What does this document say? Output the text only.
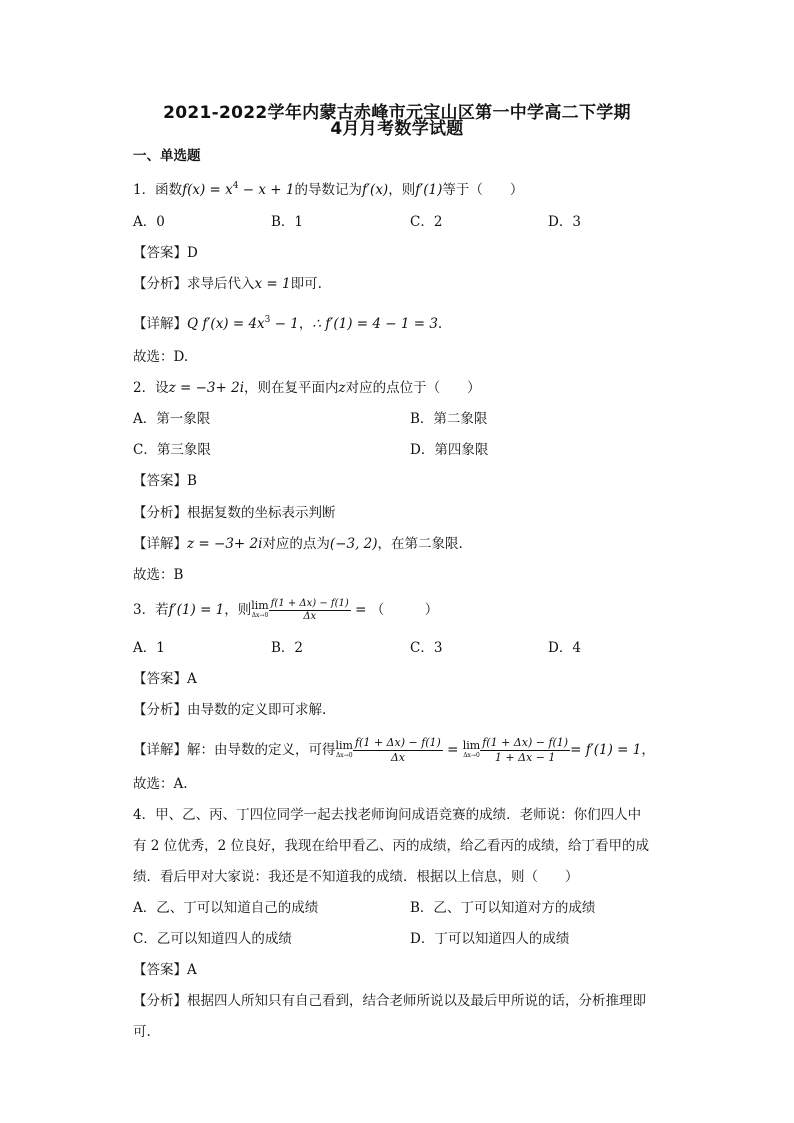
2021-2022学年内蒙古赤峰市元宝山区第一中学高二下学期
4月月考数学试题
一、单选题
1．函数$f(x) = x^4 - x + 1$的导数记为f′(x)，则f′(1)等于（　　）
A．0	B．1	C．2	D．3
【答案】D
【分析】求导后代入x = 1即可.
【详解】Q $f'(x) = 4x^3 - 1$，∴ f′(1) = 4 − 1 = 3.
故选：D.
2．设z = −3+ 2i，则在复平面内z对应的点位于（　　）
A．第一象限	B．第二象限
C．第三象限	D．第四象限
【答案】B
【分析】根据复数的坐标表示判断
【详解】z = −3+ 2i对应的点为(−3, 2)，在第二象限.
故选：B
3．若f′(1) = 1，则lim
$\Delta x\to 0 \frac{f(1 + \Delta x) - f(1)}{\Delta x}$ = （　　　）
A．1	B．2	C．3	D．4
【答案】A
【分析】由导数的定义即可求解.
【详解】解：由导数的定义，可得lim
$\Delta x\to 0 \frac{f(1 + \Delta x) - f(1)}{\Delta x} = \lim$
$\Delta x\to 0 \frac{f(1 + \Delta x) - f(1)}{1 + \Delta x - 1} = f'(1) = 1$，
故选：A.
4．甲、乙、丙、丁四位同学一起去找老师询问成语竞赛的成绩．老师说：你们四人中
有 2 位优秀，2 位良好，我现在给甲看乙、丙的成绩，给乙看丙的成绩，给丁看甲的成
绩．看后甲对大家说：我还是不知道我的成绩．根据以上信息，则（　　）
A．乙、丁可以知道自己的成绩	B．乙、丁可以知道对方的成绩
C．乙可以知道四人的成绩	D．丁可以知道四人的成绩
【答案】A
【分析】根据四人所知只有自己看到，结合老师所说以及最后甲所说的话，分析推理即
可.
